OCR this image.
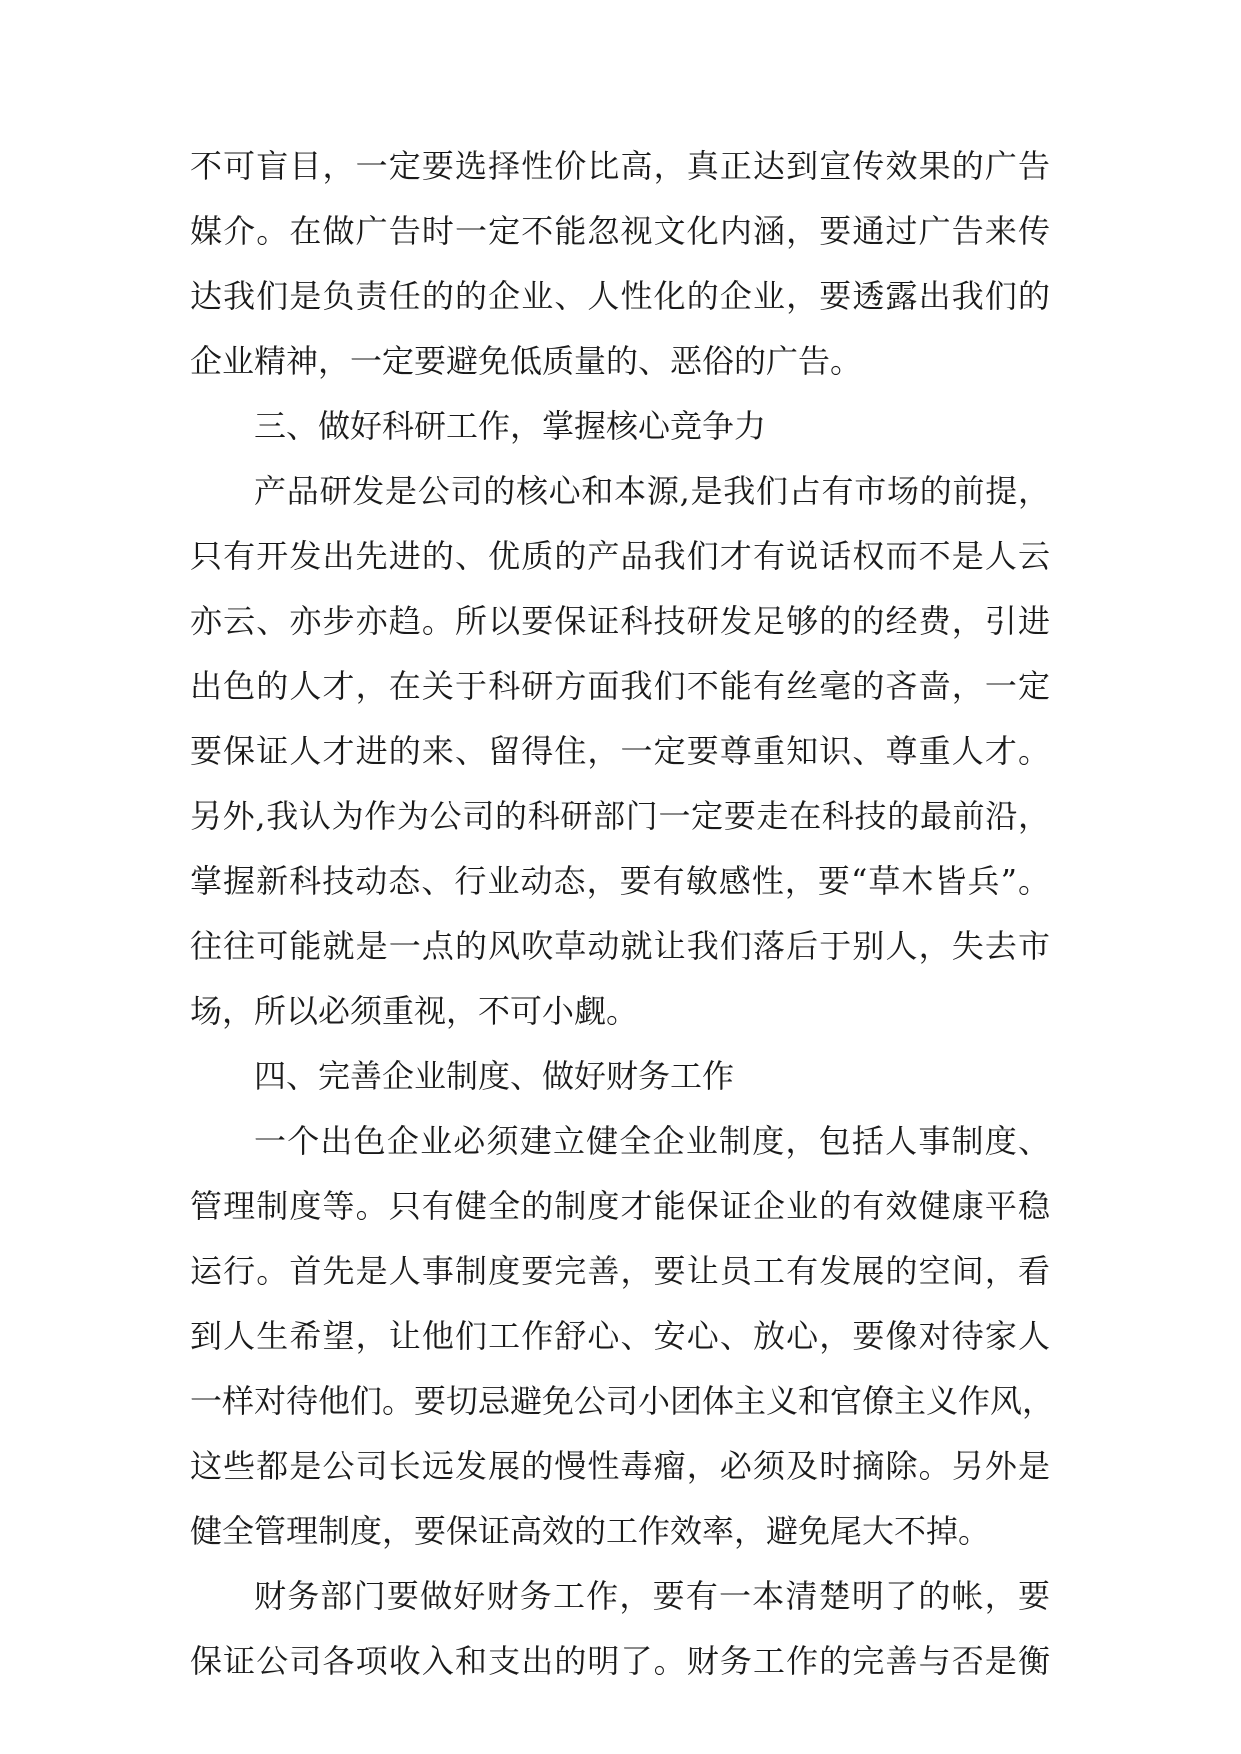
不可盲目，一定要选择性价比高，真正达到宣传效果的广告
媒介。在做广告时一定不能忽视文化内涵，要通过广告来传
达我们是负责任的的企业、人性化的企业，要透露出我们的
企业精神，一定要避免低质量的、恶俗的广告。
三、做好科研工作，掌握核心竞争力
产品研发是公司的核心和本源,是我们占有市场的前提，
只有开发出先进的、优质的产品我们才有说话权而不是人云
亦云、亦步亦趋。所以要保证科技研发足够的的经费，引进
出色的人才，在关于科研方面我们不能有丝毫的吝啬，一定
要保证人才进的来、留得住，一定要尊重知识、尊重人才。
另外,我认为作为公司的科研部门一定要走在科技的最前沿，
掌握新科技动态、行业动态，要有敏感性，要“草木皆兵”。
往往可能就是一点的风吹草动就让我们落后于别人，失去市
场，所以必须重视，不可小觑。
四、完善企业制度、做好财务工作
一个出色企业必须建立健全企业制度，包括人事制度、
管理制度等。只有健全的制度才能保证企业的有效健康平稳
运行。首先是人事制度要完善，要让员工有发展的空间，看
到人生希望，让他们工作舒心、安心、放心，要像对待家人
一样对待他们。要切忌避免公司小团体主义和官僚主义作风，
这些都是公司长远发展的慢性毒瘤，必须及时摘除。另外是
健全管理制度，要保证高效的工作效率，避免尾大不掉。
财务部门要做好财务工作，要有一本清楚明了的帐，要
保证公司各项收入和支出的明了。财务工作的完善与否是衡
